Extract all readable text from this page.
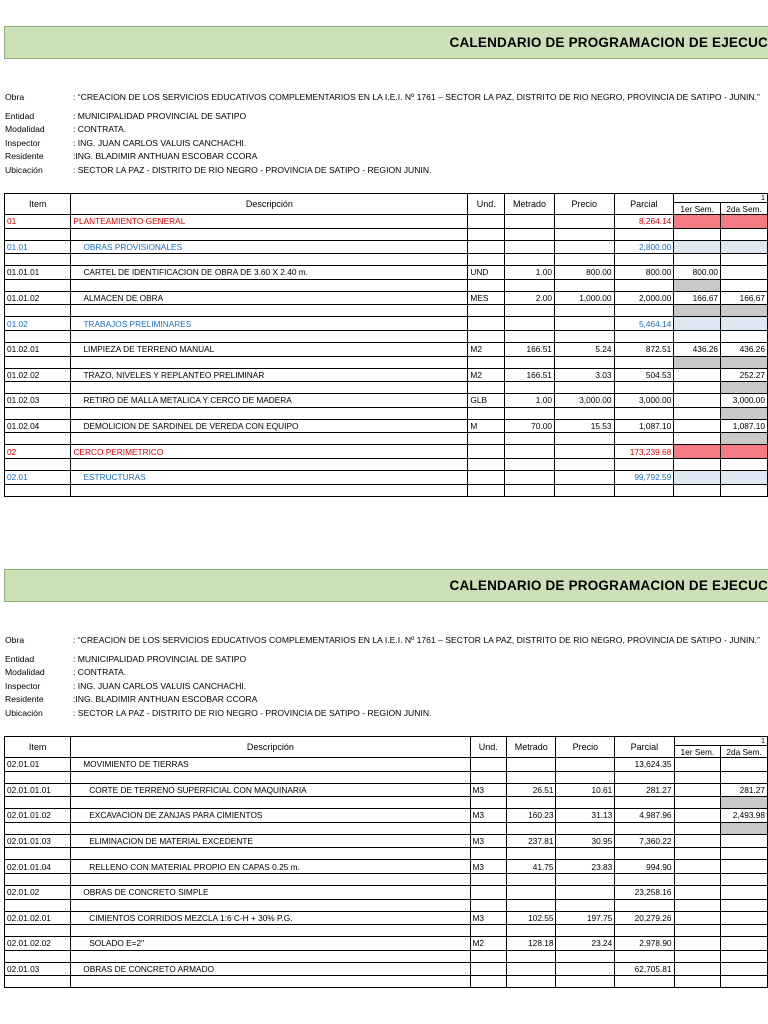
CALENDARIO DE PROGRAMACION DE EJECUC
Obra	: “CREACION DE LOS SERVICIOS EDUCATIVOS COMPLEMENTARIOS EN LA I.E.I. Nº 1761 – SECTOR LA PAZ, DISTRITO DE RIO NEGRO, PROVINCIA DE SATIPO - JUNIN.”
Entidad	: MUNICIPALIDAD PROVINCIAL DE SATIPO
Modalidad	: CONTRATA.
Inspector	: ING. JUAN CARLOS VALUIS CANCHACHI.
Residente	:ING. BLADIMIR ANTHUAN ESCOBAR CCORA
Ubicación	: SECTOR LA PAZ - DISTRITO DE RIO NEGRO - PROVINCIA DE SATIPO - REGION JUNIN.
Item	Descripción	Und.	Metrado	Precio	Parcial	1	
						1er Sem.	2da Sem.
01	PLANTEAMIENTO GENERAL				8,264.14		

01.01	OBRAS PROVISIONALES				2,800.00		

01.01.01	CARTEL DE IDENTIFICACION DE OBRA DE 3.60 X 2.40 m.	UND	1.00	800.00	800.00	800.00	

01.01.02	ALMACEN DE OBRA	MES	2.00	1,000.00	2,000.00	166.67	166.67

01.02	TRABAJOS PRELIMINARES				5,464.14		

01.02.01	LIMPIEZA DE TERRENO MANUAL	M2	166.51	5.24	872.51	436.26	436.26

01.02.02	TRAZO, NIVELES Y REPLANTEO PRELIMINAR	M2	166.51	3.03	504.53		252.27

01.02.03	RETIRO DE MALLA METALICA Y CERCO DE MADERA	GLB	1.00	3,000.00	3,000.00		3,000.00

01.02.04	DEMOLICION DE SARDINEL DE VEREDA CON EQUIPO	M	70.00	15.53	1,087.10		1,087.10

02	CERCO PERIMETRICO				173,239.68		

02.01	ESTRUCTURAS				99,792.59		

CALENDARIO DE PROGRAMACION DE EJECUC
Obra	: “CREACION DE LOS SERVICIOS EDUCATIVOS COMPLEMENTARIOS EN LA I.E.I. Nº 1761 – SECTOR LA PAZ, DISTRITO DE RIO NEGRO, PROVINCIA DE SATIPO - JUNIN.”
Entidad	: MUNICIPALIDAD PROVINCIAL DE SATIPO
Modalidad	: CONTRATA.
Inspector	: ING. JUAN CARLOS VALUIS CANCHACHI.
Residente	:ING. BLADIMIR ANTHUAN ESCOBAR CCORA
Ubicación	: SECTOR LA PAZ - DISTRITO DE RIO NEGRO - PROVINCIA DE SATIPO - REGION JUNIN.
Item	Descripción	Und.	Metrado	Precio	Parcial	1	
						1er Sem.	2da Sem.
02.01.01	MOVIMIENTO DE TIERRAS				13,624.35		

02.01.01.01	CORTE DE TERRENO SUPERFICIAL CON MAQUINARIA	M3	26.51	10.61	281.27		281.27

02.01.01.02	EXCAVACION DE ZANJAS PARA CIMIENTOS	M3	160.23	31.13	4,987.96		2,493.98

02.01.01.03	ELIMINACION DE MATERIAL EXCEDENTE	M3	237.81	30.95	7,360.22		

02.01.01.04	RELLENO CON MATERIAL PROPIO EN CAPAS 0.25 m.	M3	41.75	23.83	994.90		

02.01.02	OBRAS DE CONCRETO SIMPLE				23,258.16		

02.01.02.01	CIMIENTOS CORRIDOS MEZCLA 1:6 C-H + 30% P.G.	M3	102.55	197.75	20,279.26		

02.01.02.02	SOLADO E=2"	M2	128.18	23.24	2,978.90		

02.01.03	OBRAS DE CONCRETO ARMADO				62,705.81		
